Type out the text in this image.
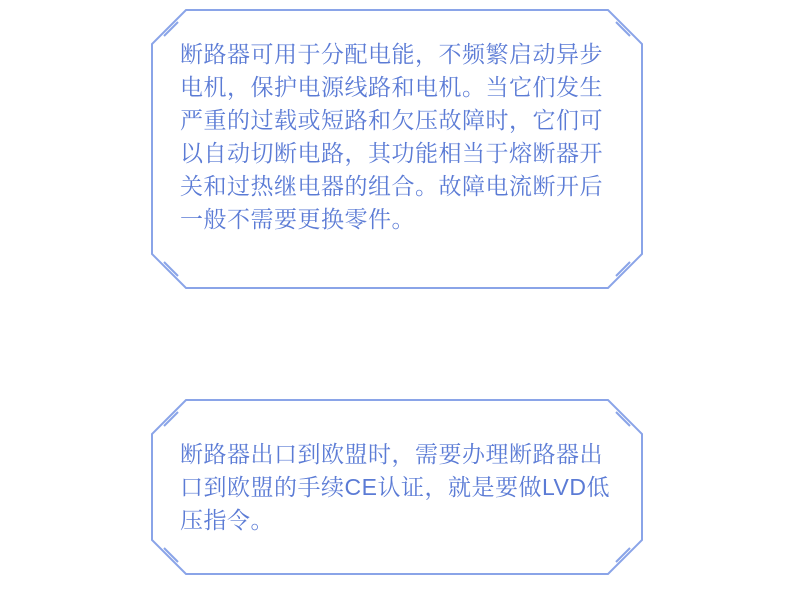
断路器可用于分配电能，不频繁启动异步电机，保护电源线路和电机。当它们发生严重的过载或短路和欠压故障时，它们可以自动切断电路，其功能相当于熔断器开关和过热继电器的组合。故障电流断开后一般不需要更换零件。
断路器出口到欧盟时，需要办理断路器出口到欧盟的手续CE认证，就是要做LVD低压指令。
